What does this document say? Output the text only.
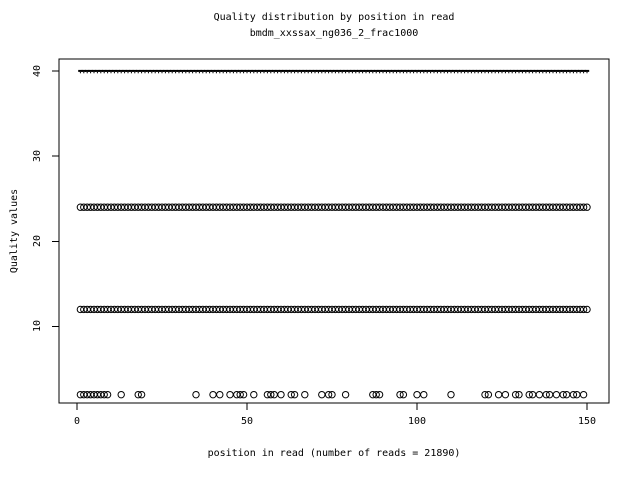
Quality distribution by position in read
bmdm_xxssax_ng036_2_frac1000
0	50	100	150
10
20
30
40
Quality values
position in read (number of reads = 21890)
